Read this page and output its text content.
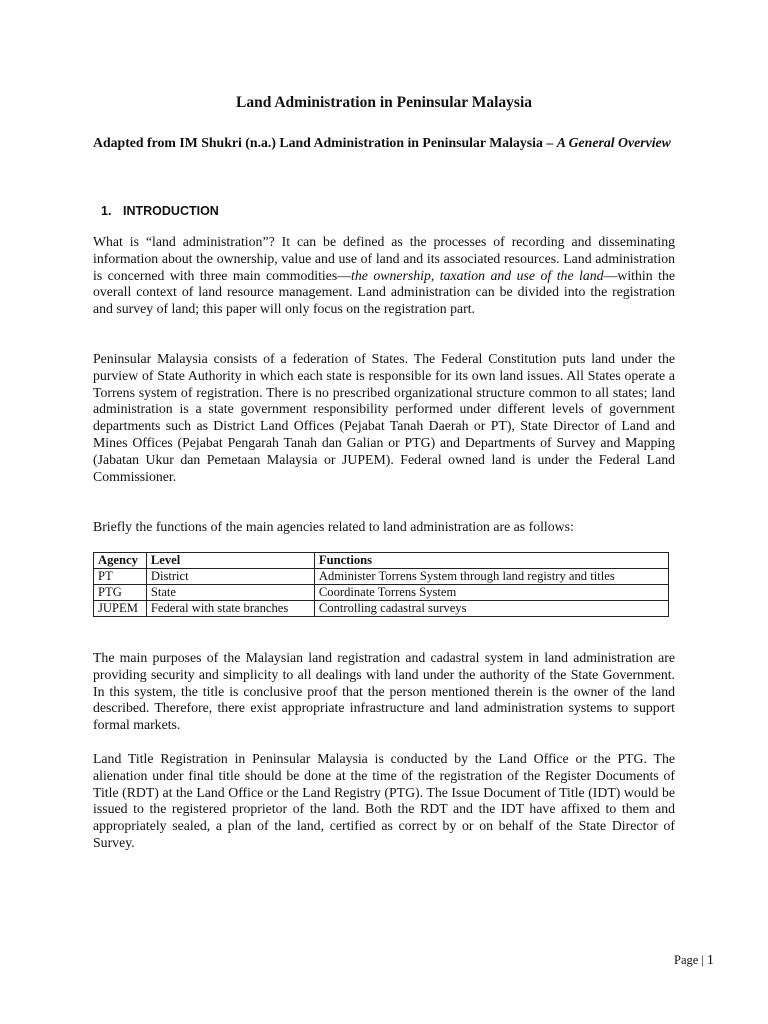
Land Administration in Peninsular Malaysia

Adapted from IM Shukri (n.a.) Land Administration in Peninsular Malaysia – A General Overview

1. INTRODUCTION

What is “land administration”? It can be defined as the processes of recording and disseminating information about the ownership, value and use of land and its associated resources. Land administration is concerned with three main commodities—the ownership, taxation and use of the land—within the overall context of land resource management. Land administration can be divided into the registration and survey of land; this paper will only focus on the registration part.

Peninsular Malaysia consists of a federation of States. The Federal Constitution puts land under the purview of State Authority in which each state is responsible for its own land issues. All States operate a Torrens system of registration. There is no prescribed organizational structure common to all states; land administration is a state government responsibility performed under different levels of government departments such as District Land Offices (Pejabat Tanah Daerah or PT), State Director of Land and Mines Offices (Pejabat Pengarah Tanah dan Galian or PTG) and Departments of Survey and Mapping (Jabatan Ukur dan Pemetaan Malaysia or JUPEM). Federal owned land is under the Federal Land Commissioner.

Briefly the functions of the main agencies related to land administration are as follows:

Agency	Level	Functions
PT	District	Administer Torrens System through land registry and titles
PTG	State	Coordinate Torrens System
JUPEM	Federal with state branches	Controlling cadastral surveys

The main purposes of the Malaysian land registration and cadastral system in land administration are providing security and simplicity to all dealings with land under the authority of the State Government. In this system, the title is conclusive proof that the person mentioned therein is the owner of the land described. Therefore, there exist appropriate infrastructure and land administration systems to support formal markets.

Land Title Registration in Peninsular Malaysia is conducted by the Land Office or the PTG. The alienation under final title should be done at the time of the registration of the Register Documents of Title (RDT) at the Land Office or the Land Registry (PTG). The Issue Document of Title (IDT) would be issued to the registered proprietor of the land. Both the RDT and the IDT have affixed to them and appropriately sealed, a plan of the land, certified as correct by or on behalf of the State Director of Survey.

Page | 1
